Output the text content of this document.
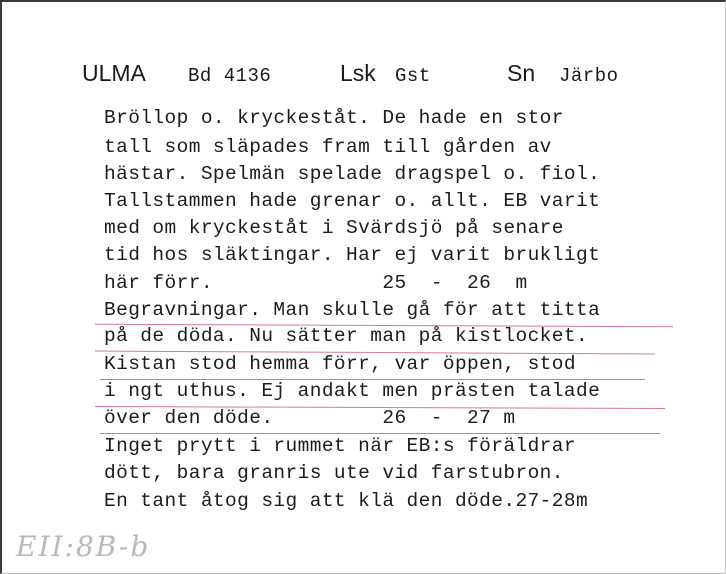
ULMA Bd 4136	Lsk Gst	Sn Järbo
Bröllop o. kryckeståt. De hade en stor
tall som släpades fram till gården av
hästar. Spelmän spelade dragspel o. fiol.
Tallstammen hade grenar o. allt. EB varit
med om kryckeståt i Svärdsjö på senare
tid hos släktingar. Har ej varit brukligt
här förr.              25  -  26  m
Begravningar. Man skulle gå för att titta
på de döda. Nu sätter man på kistlocket.
Kistan stod hemma förr, var öppen, stod
i ngt uthus. Ej andakt men prästen talade
över den döde.         26  -  27 m
Inget prytt i rummet när EB:s föräldrar
dött, bara granris ute vid farstubron.
En tant åtog sig att klä den döde.27-28m
EII:8B-b
